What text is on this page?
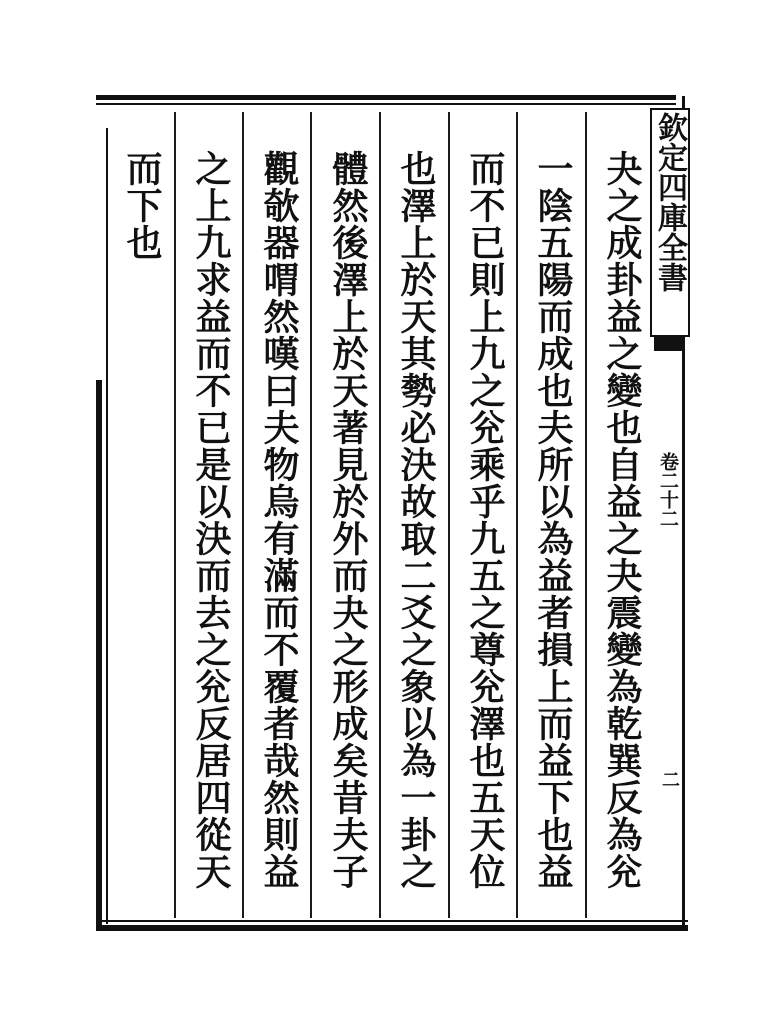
欽定四庫全書
卷二十二
二
夬之成卦益之變也自益之夬震變為乾巽反為兊
一陰五陽而成也夫所以為益者損上而益下也益
而不已則上九之兊乘乎九五之尊兊澤也五天位
也澤上於天其勢必決故取二爻之象以為一卦之
體然後澤上於天著見於外而夬之形成矣昔夫子
觀欹器喟然嘆曰夫物烏有滿而不覆者哉然則益
之上九求益而不已是以決而去之兊反居四從天
而下也
